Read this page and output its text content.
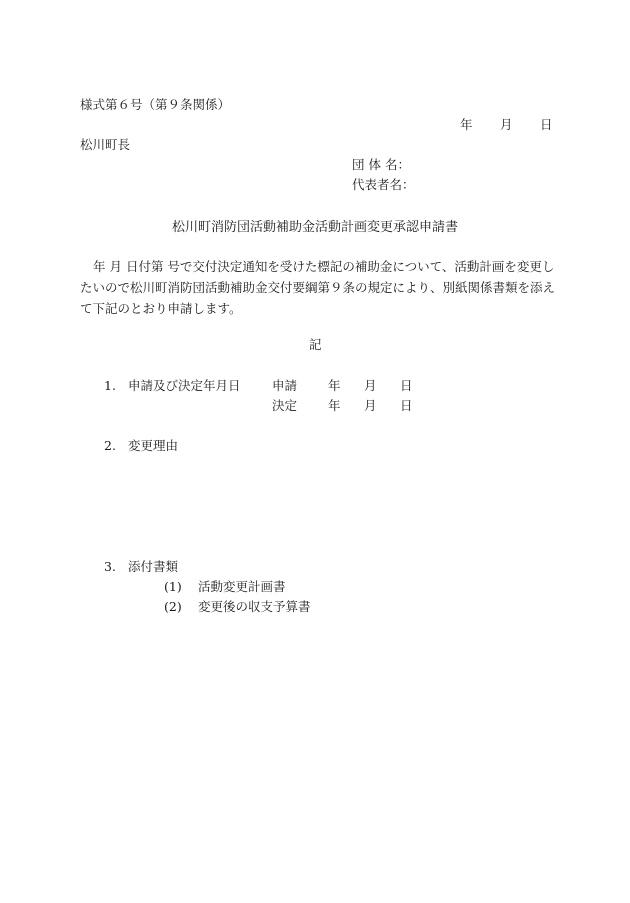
様式第６号（第９条関係）
年 月 日
松川町長
団 体 名：
代表者名：
松川町消防団活動補助金活動計画変更承認申請書
年 月 日付第 号で交付決定通知を受けた標記の補助金について、活動計画を変更したいので松川町消防団活動補助金交付要綱第９条の規定により、別紙関係書類を添えて下記のとおり申請します。
記
1. 申請及び決定年月日	申請 年 月 日
決定 年 月 日
2. 変更理由
3. 添付書類
(1) 活動変更計画書
(2) 変更後の収支予算書
